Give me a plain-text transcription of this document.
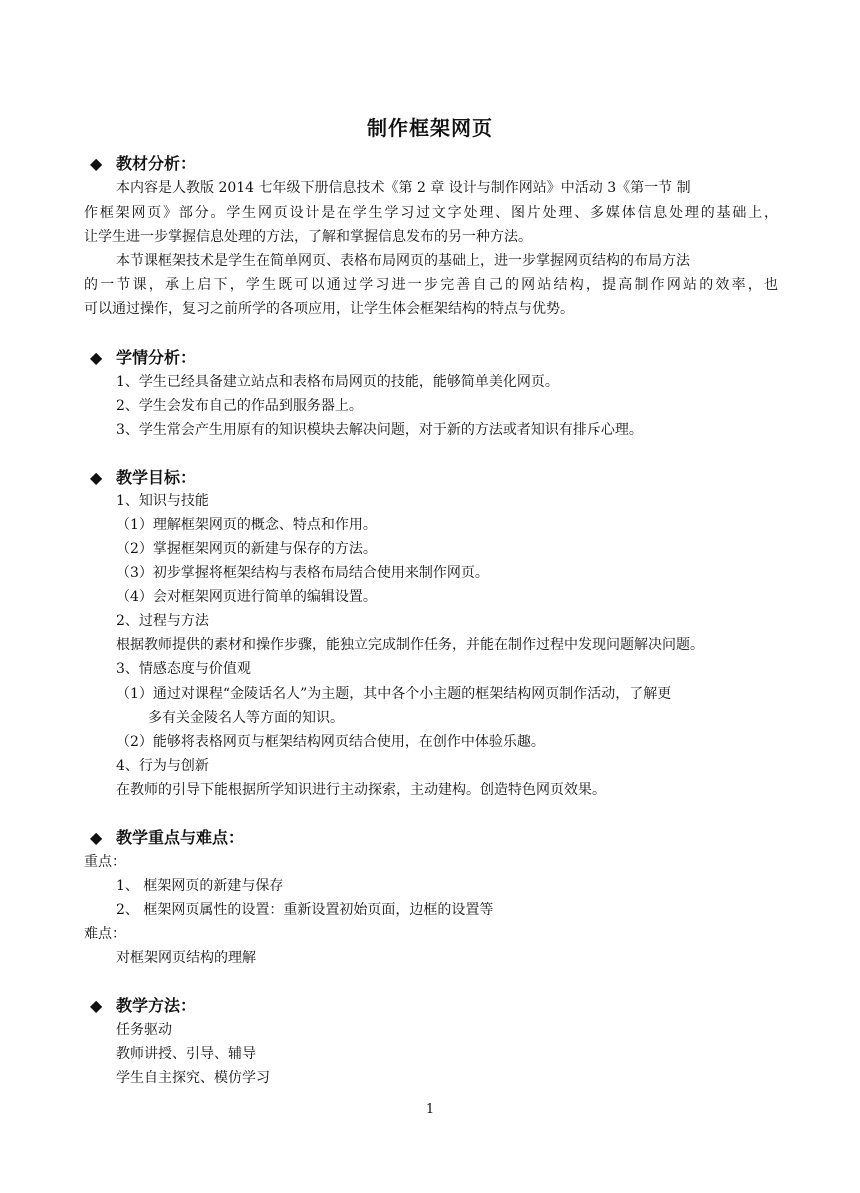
制作框架网页
◆ 教材分析：
本内容是人教版 2014 七年级下册信息技术《第 2 章 设计与制作网站》中活动 3《第一节 制
作框架网页》部分。学生网页设计是在学生学习过文字处理、图片处理、多媒体信息处理的基础上，
让学生进一步掌握信息处理的方法，了解和掌握信息发布的另一种方法。
本节课框架技术是学生在简单网页、表格布局网页的基础上，进一步掌握网页结构的布局方法
的一节课，承上启下，学生既可以通过学习进一步完善自己的网站结构，提高制作网站的效率，也
可以通过操作，复习之前所学的各项应用，让学生体会框架结构的特点与优势。
◆ 学情分析：
1、学生已经具备建立站点和表格布局网页的技能，能够简单美化网页。
2、学生会发布自己的作品到服务器上。
3、学生常会产生用原有的知识模块去解决问题，对于新的方法或者知识有排斥心理。
◆ 教学目标：
1、知识与技能
（1）理解框架网页的概念、特点和作用。
（2）掌握框架网页的新建与保存的方法。
（3）初步掌握将框架结构与表格布局结合使用来制作网页。
（4）会对框架网页进行简单的编辑设置。
2、过程与方法
根据教师提供的素材和操作步骤，能独立完成制作任务，并能在制作过程中发现问题解决问题。
3、情感态度与价值观
（1）通过对课程“金陵话名人”为主题，其中各个小主题的框架结构网页制作活动，了解更
多有关金陵名人等方面的知识。
（2）能够将表格网页与框架结构网页结合使用，在创作中体验乐趣。
4、行为与创新
在教师的引导下能根据所学知识进行主动探索，主动建构。创造特色网页效果。
◆ 教学重点与难点：
重点：
1、 框架网页的新建与保存
2、 框架网页属性的设置：重新设置初始页面，边框的设置等
难点：
对框架网页结构的理解
◆ 教学方法：
任务驱动
教师讲授、引导、辅导
学生自主探究、模仿学习
1
